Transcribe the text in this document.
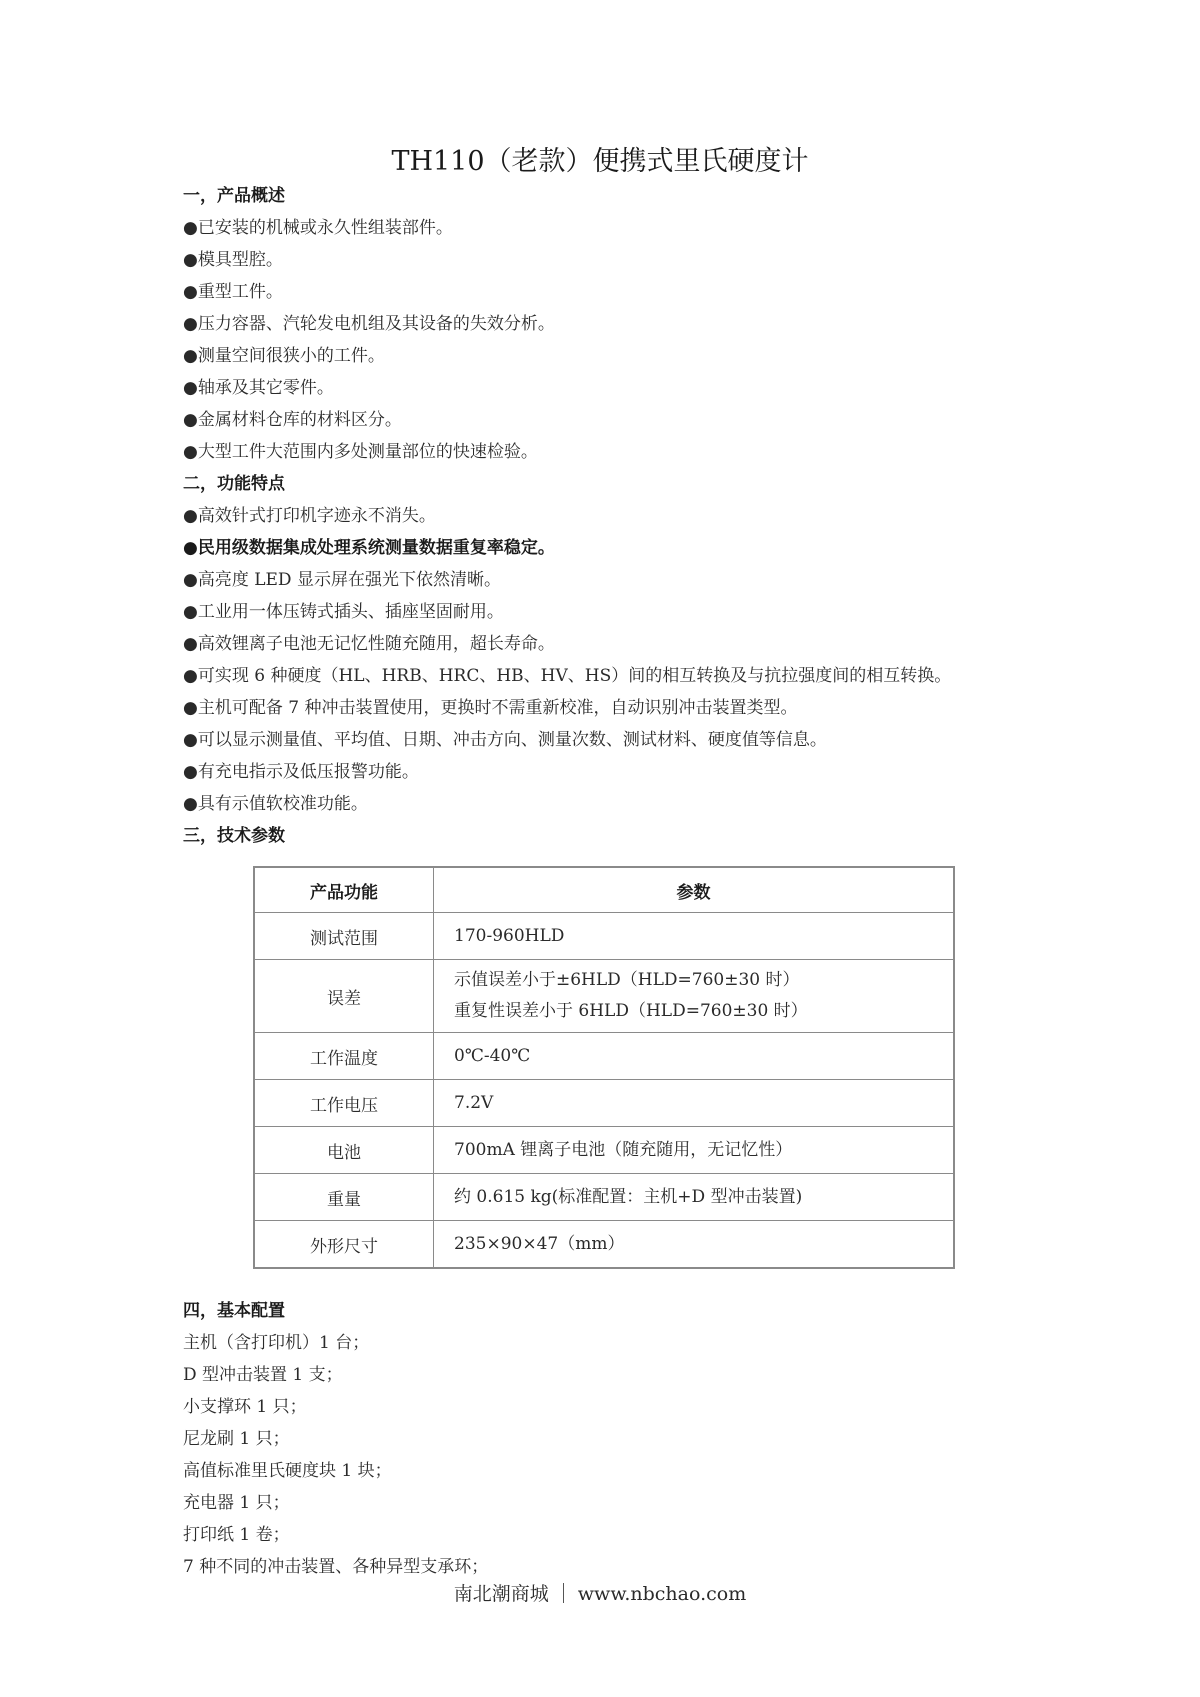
TH110（老款）便携式里氏硬度计
一，产品概述
●已安装的机械或永久性组装部件。
●模具型腔。
●重型工件。
●压力容器、汽轮发电机组及其设备的失效分析。
●测量空间很狭小的工件。
●轴承及其它零件。
●金属材料仓库的材料区分。
●大型工件大范围内多处测量部位的快速检验。
二，功能特点
●高效针式打印机字迹永不消失。
●民用级数据集成处理系统测量数据重复率稳定。
●高亮度 LED 显示屏在强光下依然清晰。
●工业用一体压铸式插头、插座坚固耐用。
●高效锂离子电池无记忆性随充随用，超长寿命。
●可实现 6 种硬度（HL、HRB、HRC、HB、HV、HS）间的相互转换及与抗拉强度间的相互转换。
●主机可配备 7 种冲击装置使用，更换时不需重新校准，自动识别冲击装置类型。
●可以显示测量值、平均值、日期、冲击方向、测量次数、测试材料、硬度值等信息。
●有充电指示及低压报警功能。
●具有示值软校准功能。
三，技术参数
产品功能	参数
测试范围	170-960HLD
误差	示值误差小于±6HLD（HLD=760±30 时）
重复性误差小于 6HLD（HLD=760±30 时）

工作温度	0℃-40℃
工作电压	7.2V
电池	700mA 锂离子电池（随充随用，无记忆性）
重量	约 0.615 kg(标准配置：主机+D 型冲击装置)
外形尺寸	235×90×47（mm）
四，基本配置
主机（含打印机）1 台；
D 型冲击装置 1 支；
小支撑环 1 只；
尼龙刷 1 只；
高值标准里氏硬度块 1 块；
充电器 1 只；
打印纸 1 卷；
7 种不同的冲击装置、各种异型支承环；
南北潮商城 www.nbchao.com
